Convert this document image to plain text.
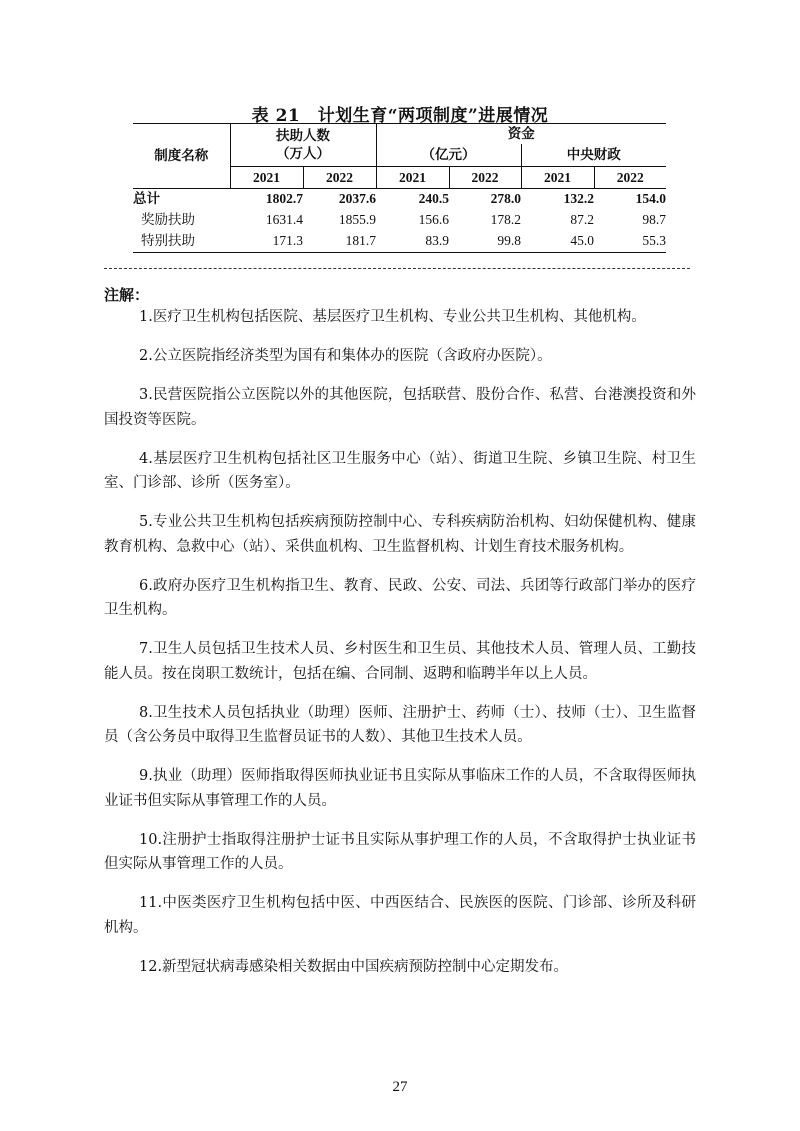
表 21　计划生育“两项制度”进展情况
制度名称	扶助人数
（万人）		资金			
			（亿元）		中央财政	
	2021	2022	2021	2022	2021	2022
总计	1802.7	2037.6	240.5	278.0	132.2	154.0
奖励扶助	1631.4	1855.9	156.6	178.2	87.2	98.7
特别扶助	171.3	181.7	83.9	99.8	45.0	55.3
注解：

1.医疗卫生机构包括医院、基层医疗卫生机构、专业公共卫生机构、其他机构。

2.公立医院指经济类型为国有和集体办的医院（含政府办医院）。

3.民营医院指公立医院以外的其他医院，包括联营、股份合作、私营、台港澳投资和外国投资等医院。

4.基层医疗卫生机构包括社区卫生服务中心（站）、街道卫生院、乡镇卫生院、村卫生室、门诊部、诊所（医务室）。

5.专业公共卫生机构包括疾病预防控制中心、专科疾病防治机构、妇幼保健机构、健康教育机构、急救中心（站）、采供血机构、卫生监督机构、计划生育技术服务机构。

6.政府办医疗卫生机构指卫生、教育、民政、公安、司法、兵团等行政部门举办的医疗卫生机构。

7.卫生人员包括卫生技术人员、乡村医生和卫生员、其他技术人员、管理人员、工勤技能人员。按在岗职工数统计，包括在编、合同制、返聘和临聘半年以上人员。

8.卫生技术人员包括执业（助理）医师、注册护士、药师（士）、技师（士）、卫生监督员（含公务员中取得卫生监督员证书的人数）、其他卫生技术人员。

9.执业（助理）医师指取得医师执业证书且实际从事临床工作的人员，不含取得医师执业证书但实际从事管理工作的人员。

10.注册护士指取得注册护士证书且实际从事护理工作的人员，不含取得护士执业证书但实际从事管理工作的人员。

11.中医类医疗卫生机构包括中医、中西医结合、民族医的医院、门诊部、诊所及科研机构。

12.新型冠状病毒感染相关数据由中国疾病预防控制中心定期发布。

27
